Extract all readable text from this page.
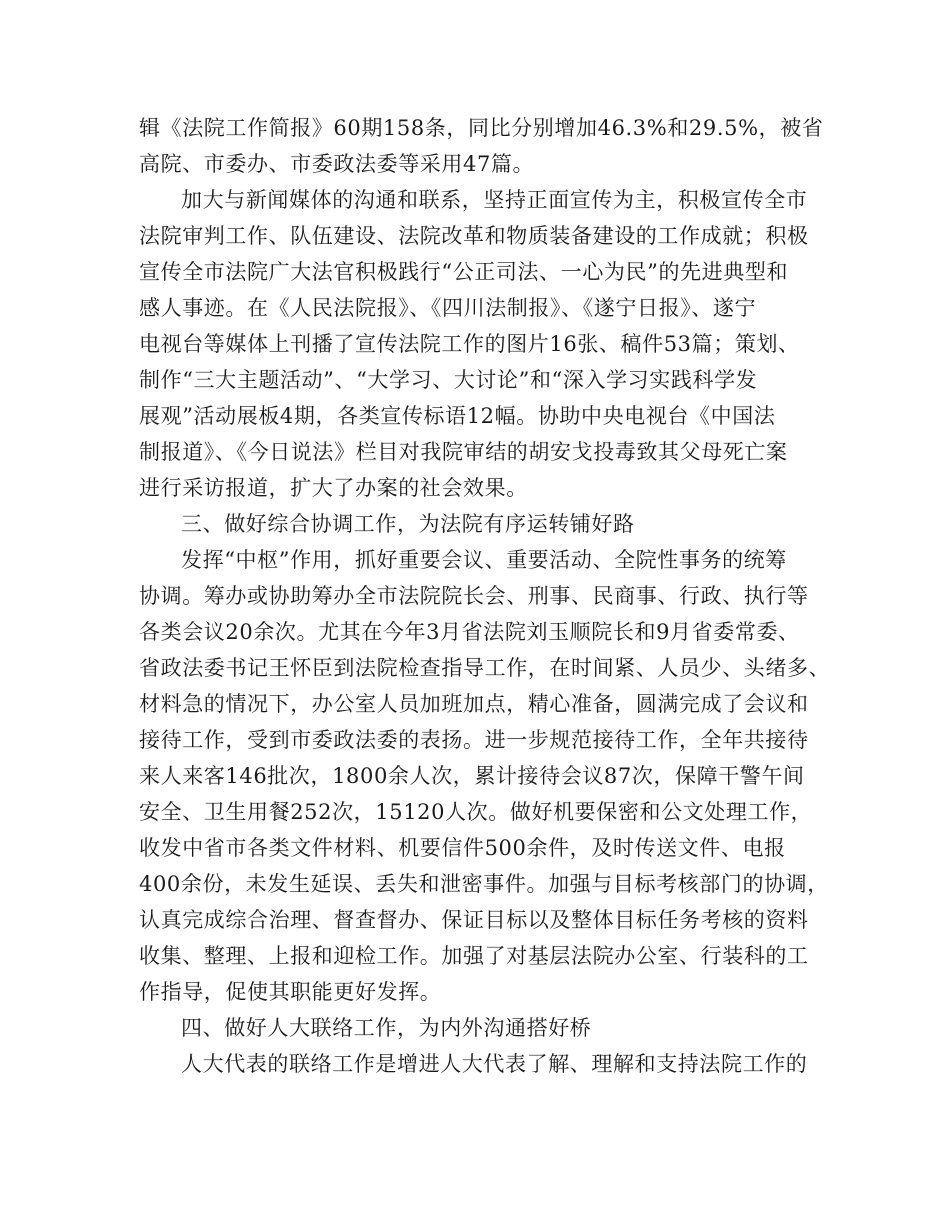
辑《法院工作简报》60期158条，同比分别增加46.3%和29.5%，被省
高院、市委办、市委政法委等采用47篇。
加大与新闻媒体的沟通和联系，坚持正面宣传为主，积极宣传全市
法院审判工作、队伍建设、法院改革和物质装备建设的工作成就；积极
宣传全市法院广大法官积极践行“公正司法、一心为民”的先进典型和
感人事迹。在《人民法院报》、《四川法制报》、《遂宁日报》、遂宁
电视台等媒体上刊播了宣传法院工作的图片16张、稿件53篇；策划、
制作“三大主题活动”、“大学习、大讨论”和“深入学习实践科学发
展观”活动展板4期，各类宣传标语12幅。协助中央电视台《中国法
制报道》、《今日说法》栏目对我院审结的胡安戈投毒致其父母死亡案
进行采访报道，扩大了办案的社会效果。
三、做好综合协调工作，为法院有序运转铺好路
发挥“中枢”作用，抓好重要会议、重要活动、全院性事务的统筹
协调。筹办或协助筹办全市法院院长会、刑事、民商事、行政、执行等
各类会议20余次。尤其在今年3月省法院刘玉顺院长和9月省委常委、
省政法委书记王怀臣到法院检查指导工作，在时间紧、人员少、头绪多、
材料急的情况下，办公室人员加班加点，精心准备，圆满完成了会议和
接待工作，受到市委政法委的表扬。进一步规范接待工作，全年共接待
来人来客146批次，1800余人次，累计接待会议87次，保障干警午间
安全、卫生用餐252次，15120人次。做好机要保密和公文处理工作，
收发中省市各类文件材料、机要信件500余件，及时传送文件、电报
400余份，未发生延误、丢失和泄密事件。加强与目标考核部门的协调，
认真完成综合治理、督查督办、保证目标以及整体目标任务考核的资料
收集、整理、上报和迎检工作。加强了对基层法院办公室、行装科的工
作指导，促使其职能更好发挥。
四、做好人大联络工作，为内外沟通搭好桥
人大代表的联络工作是增进人大代表了解、理解和支持法院工作的
